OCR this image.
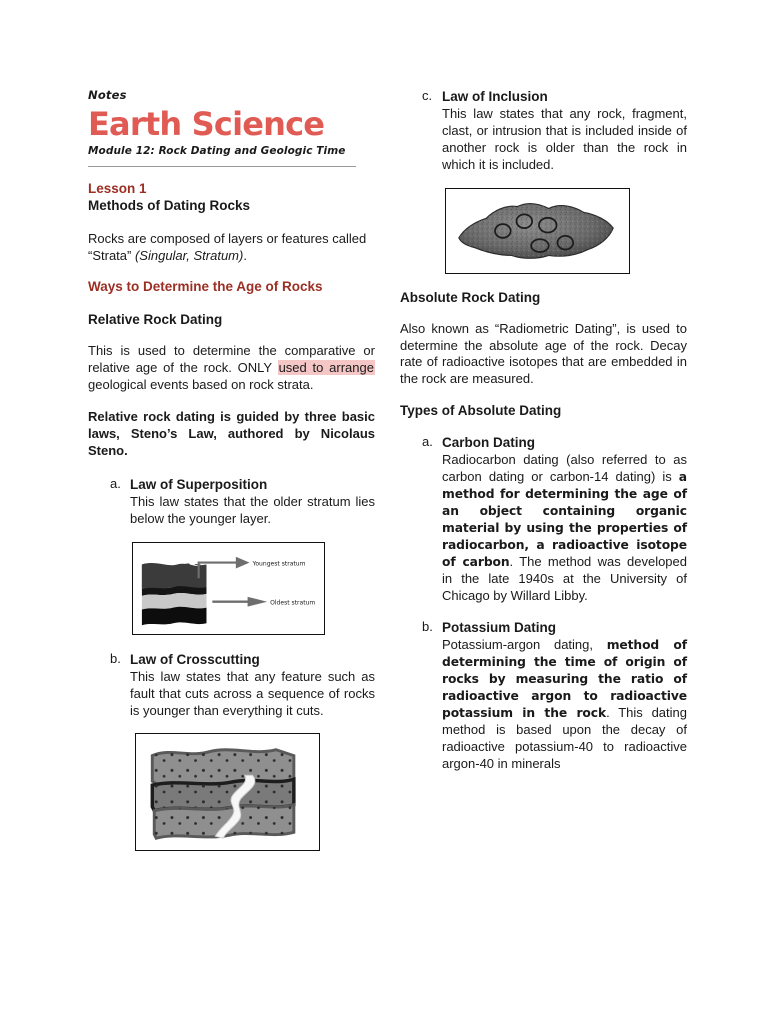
Notes
Earth Science
Module 12: Rock Dating and Geologic Time
Lesson 1
Methods of Dating Rocks

Rocks are composed of layers or features called “Strata” (Singular, Stratum).

Ways to Determine the Age of Rocks
Relative Rock Dating

This is used to determine the comparative or relative age of the rock. ONLY used to arrange geological events based on rock strata.

Relative rock dating is guided by three basic laws, Steno’s Law, authored by Nicolaus Steno.

a. Law of Superposition

This law states that the older stratum lies below the younger layer.

Youngest stratum
Oldest stratum
b. Law of Crosscutting

This law states that any feature such as fault that cuts across a sequence of rocks is younger than everything it cuts.

c. Law of Inclusion

This law states that any rock, fragment, clast, or intrusion that is included inside of another rock is older than the rock in which it is included.

Absolute Rock Dating

Also known as “Radiometric Dating”, is used to determine the absolute age of the rock. Decay rate of radioactive isotopes that are embedded in the rock are measured.

Types of Absolute Dating
a. Carbon Dating

Radiocarbon dating (also referred to as carbon dating or carbon-14 dating) is a method for determining the age of an object containing organic material by using the properties of radiocarbon, a radioactive isotope of carbon. The method was developed in the late 1940s at the University of Chicago by Willard Libby.

b. Potassium Dating

Potassium-argon dating, method of determining the time of origin of rocks by measuring the ratio of radioactive argon to radioactive potassium in the rock. This dating method is based upon the decay of radioactive potassium-40 to radioactive argon-40 in minerals
